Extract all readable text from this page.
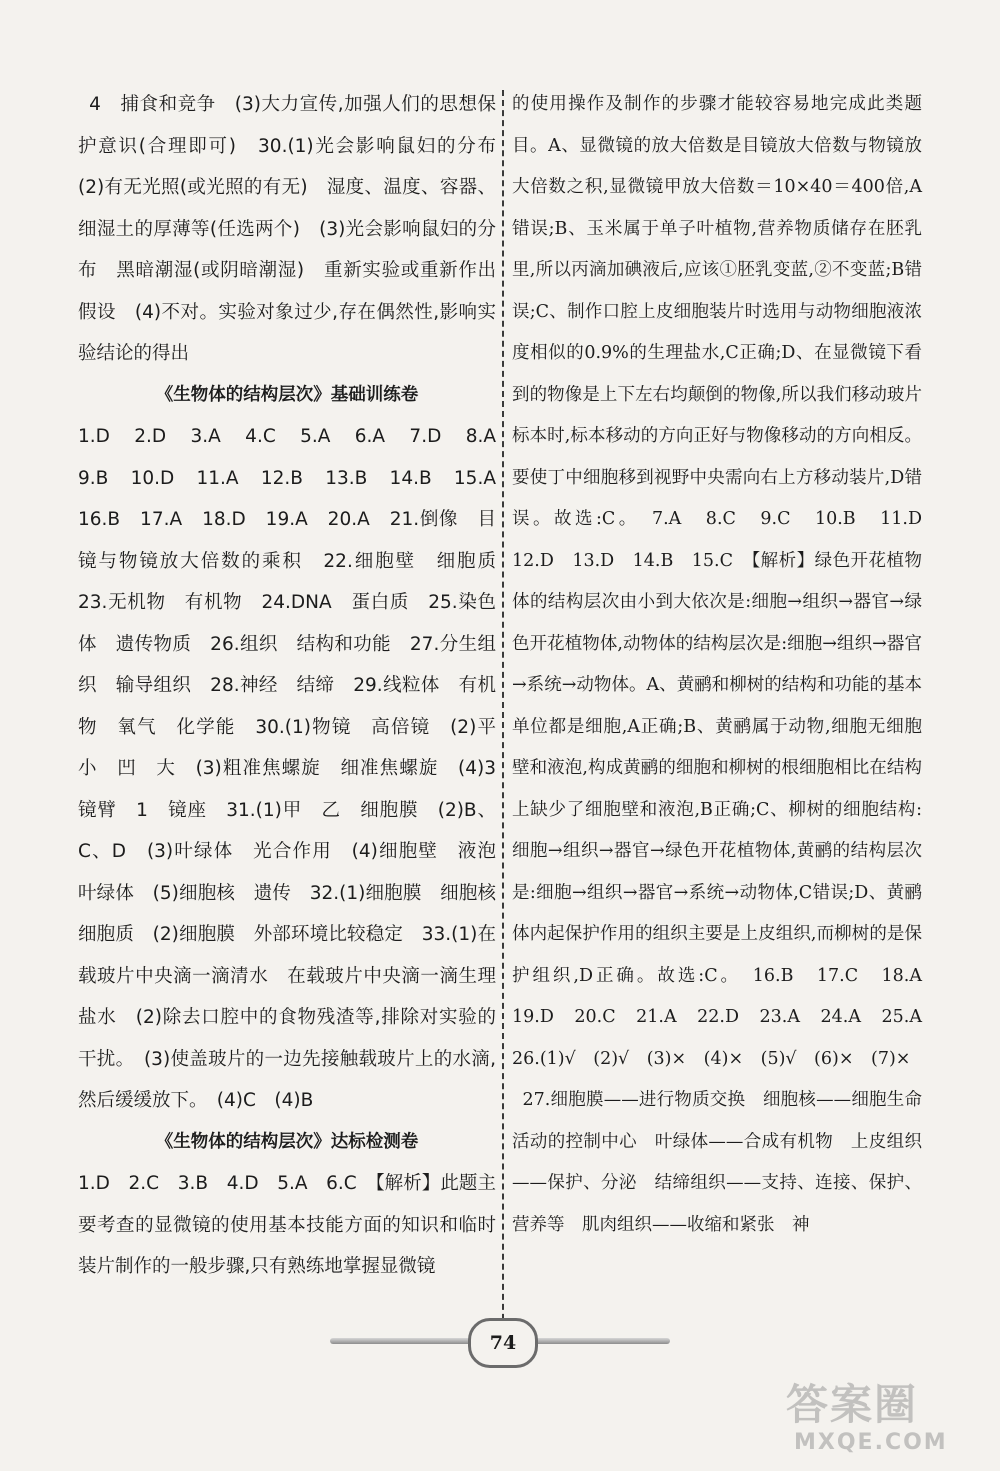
4　捕食和竞争　(3)大力宣传,加强人们的思想保护意识(合理即可)　30.(1)光会影响鼠妇的分布　(2)有无光照(或光照的有无)　湿度、温度、容器、细湿土的厚薄等(任选两个)　(3)光会影响鼠妇的分布　黑暗潮湿(或阴暗潮湿)　重新实验或重新作出假设　(4)不对。实验对象过少,存在偶然性,影响实验结论的得出

《生物体的结构层次》基础训练卷

1.D　2.D　3.A　4.C　5.A　6.A　7.D　8.A　9.B　10.D　11.A　12.B　13.B　14.B　15.A　16.B　17.A　18.D　19.A　20.A　21.倒像　目镜与物镜放大倍数的乘积　22.细胞壁　细胞质　23.无机物　有机物　24.DNA　蛋白质　25.染色体　遗传物质　26.组织　结构和功能　27.分生组织　输导组织　28.神经　结缔　29.线粒体　有机物　氧气　化学能　30.(1)物镜　高倍镜　(2)平　小　凹　大　(3)粗准焦螺旋　细准焦螺旋　(4)3　镜臂　1　镜座　31.(1)甲　乙　细胞膜　(2)B、C、D　(3)叶绿体　光合作用　(4)细胞壁　液泡　叶绿体　(5)细胞核　遗传　32.(1)细胞膜　细胞核　细胞质　(2)细胞膜　外部环境比较稳定　33.(1)在载玻片中央滴一滴清水　在载玻片中央滴一滴生理盐水　(2)除去口腔中的食物残渣等,排除对实验的干扰。　(3)使盖玻片的一边先接触载玻片上的水滴,然后缓缓放下。　(4)C　(4)B

《生物体的结构层次》达标检测卷

1.D　2.C　3.B　4.D　5.A　6.C　【解析】此题主要考查的显微镜的使用基本技能方面的知识和临时装片制作的一般步骤,只有熟练地掌握显微镜

的使用操作及制作的步骤才能较容易地完成此类题目。A、显微镜的放大倍数是目镜放大倍数与物镜放大倍数之积,显微镜甲放大倍数＝10×40＝400倍,A错误;B、玉米属于单子叶植物,营养物质储存在胚乳里,所以丙滴加碘液后,应该①胚乳变蓝,②不变蓝;B错误;C、制作口腔上皮细胞装片时选用与动物细胞液浓度相似的0.9%的生理盐水,C正确;D、在显微镜下看到的物像是上下左右均颠倒的物像,所以我们移动玻片标本时,标本移动的方向正好与物像移动的方向相反。要使丁中细胞移到视野中央需向右上方移动装片,D错误。故选:C。　7.A　8.C　9.C　10.B　11.D　12.D　13.D　14.B　15.C　【解析】绿色开花植物体的结构层次由小到大依次是:细胞→组织→器官→绿色开花植物体,动物体的结构层次是:细胞→组织→器官→系统→动物体。A、黄鹂和柳树的结构和功能的基本单位都是细胞,A正确;B、黄鹂属于动物,细胞无细胞壁和液泡,构成黄鹂的细胞和柳树的根细胞相比在结构上缺少了细胞壁和液泡,B正确;C、柳树的细胞结构:细胞→组织→器官→绿色开花植物体,黄鹂的结构层次是:细胞→组织→器官→系统→动物体,C错误;D、黄鹂体内起保护作用的组织主要是上皮组织,而柳树的是保护组织,D正确。故选:C。　16.B　17.C　18.A　19.D　20.C　21.A　22.D　23.A　24.A　25.A　26.(1)√　(2)√　(3)×　(4)×　(5)√　(6)×　(7)×

27.细胞膜——进行物质交换　细胞核——细胞生命活动的控制中心　叶绿体——合成有机物　上皮组织——保护、分泌　结缔组织——支持、连接、保护、营养等　肌肉组织——收缩和紧张　神

74
答案圈
MXQE.COM
